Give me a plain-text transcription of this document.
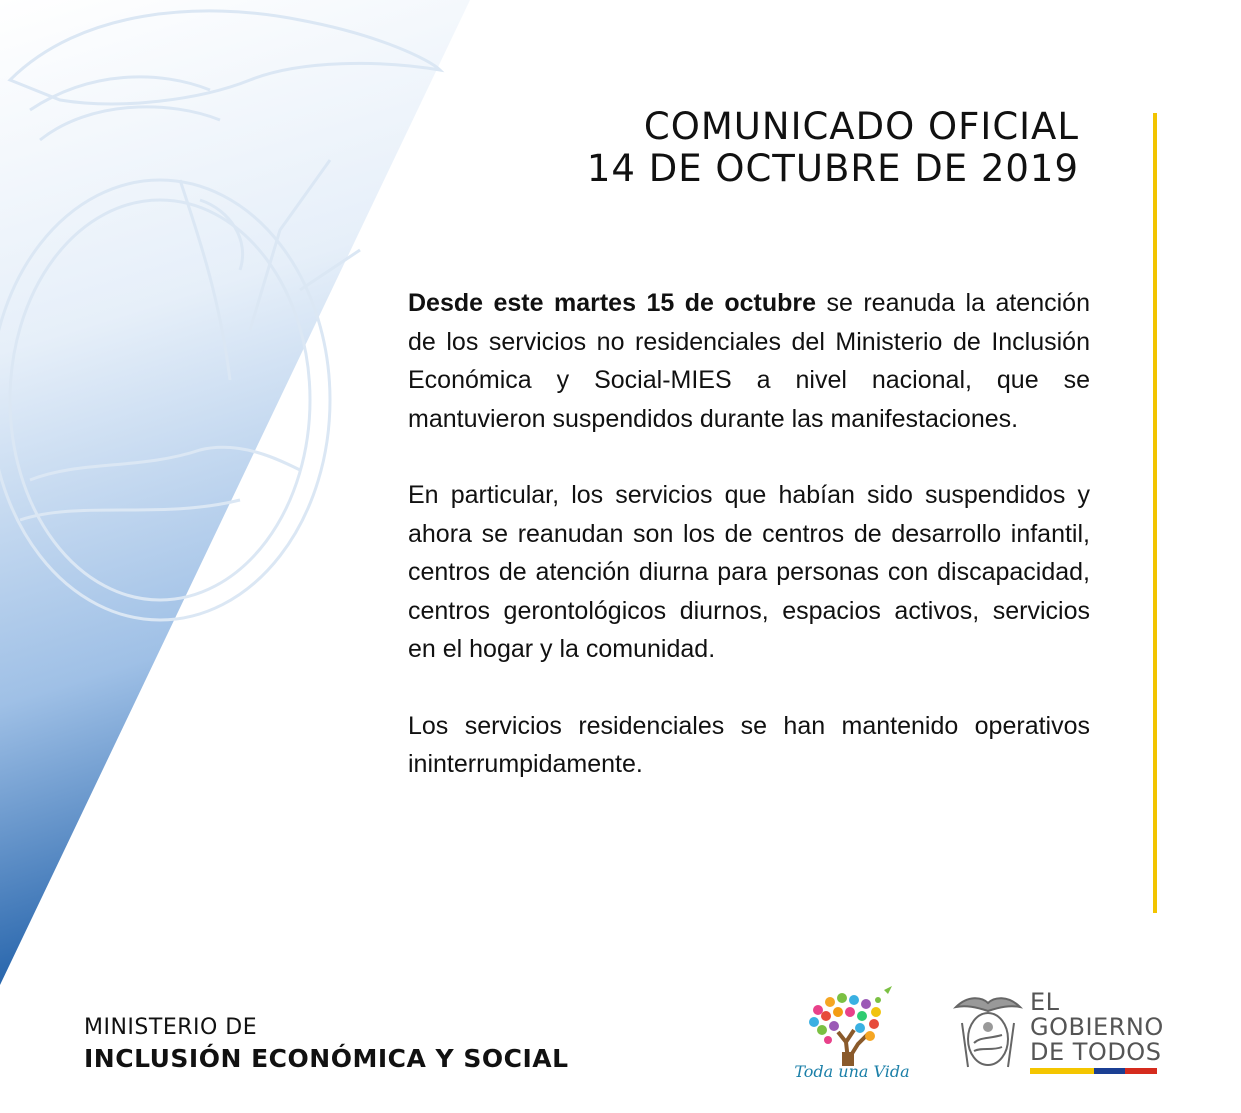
COMUNICADO OFICIAL
14 DE OCTUBRE DE 2019

Desde este martes 15 de octubre se reanuda la atención de los servicios no residenciales del Ministerio de Inclusión Económica y Social-MIES a nivel nacional, que se mantuvieron suspendidos durante las manifestaciones.

En particular, los servicios que habían sido suspendidos y ahora se reanudan son los de centros de desarrollo infantil, centros de atención diurna para personas con discapacidad, centros gerontológicos diurnos, espacios activos, servicios en el hogar y la comunidad.

Los servicios residenciales se han mantenido operativos ininterrumpidamente.

MINISTERIO DE
INCLUSIÓN ECONÓMICA Y SOCIAL	Toda una Vida
EL
GOBIERNO
DE TODOS
